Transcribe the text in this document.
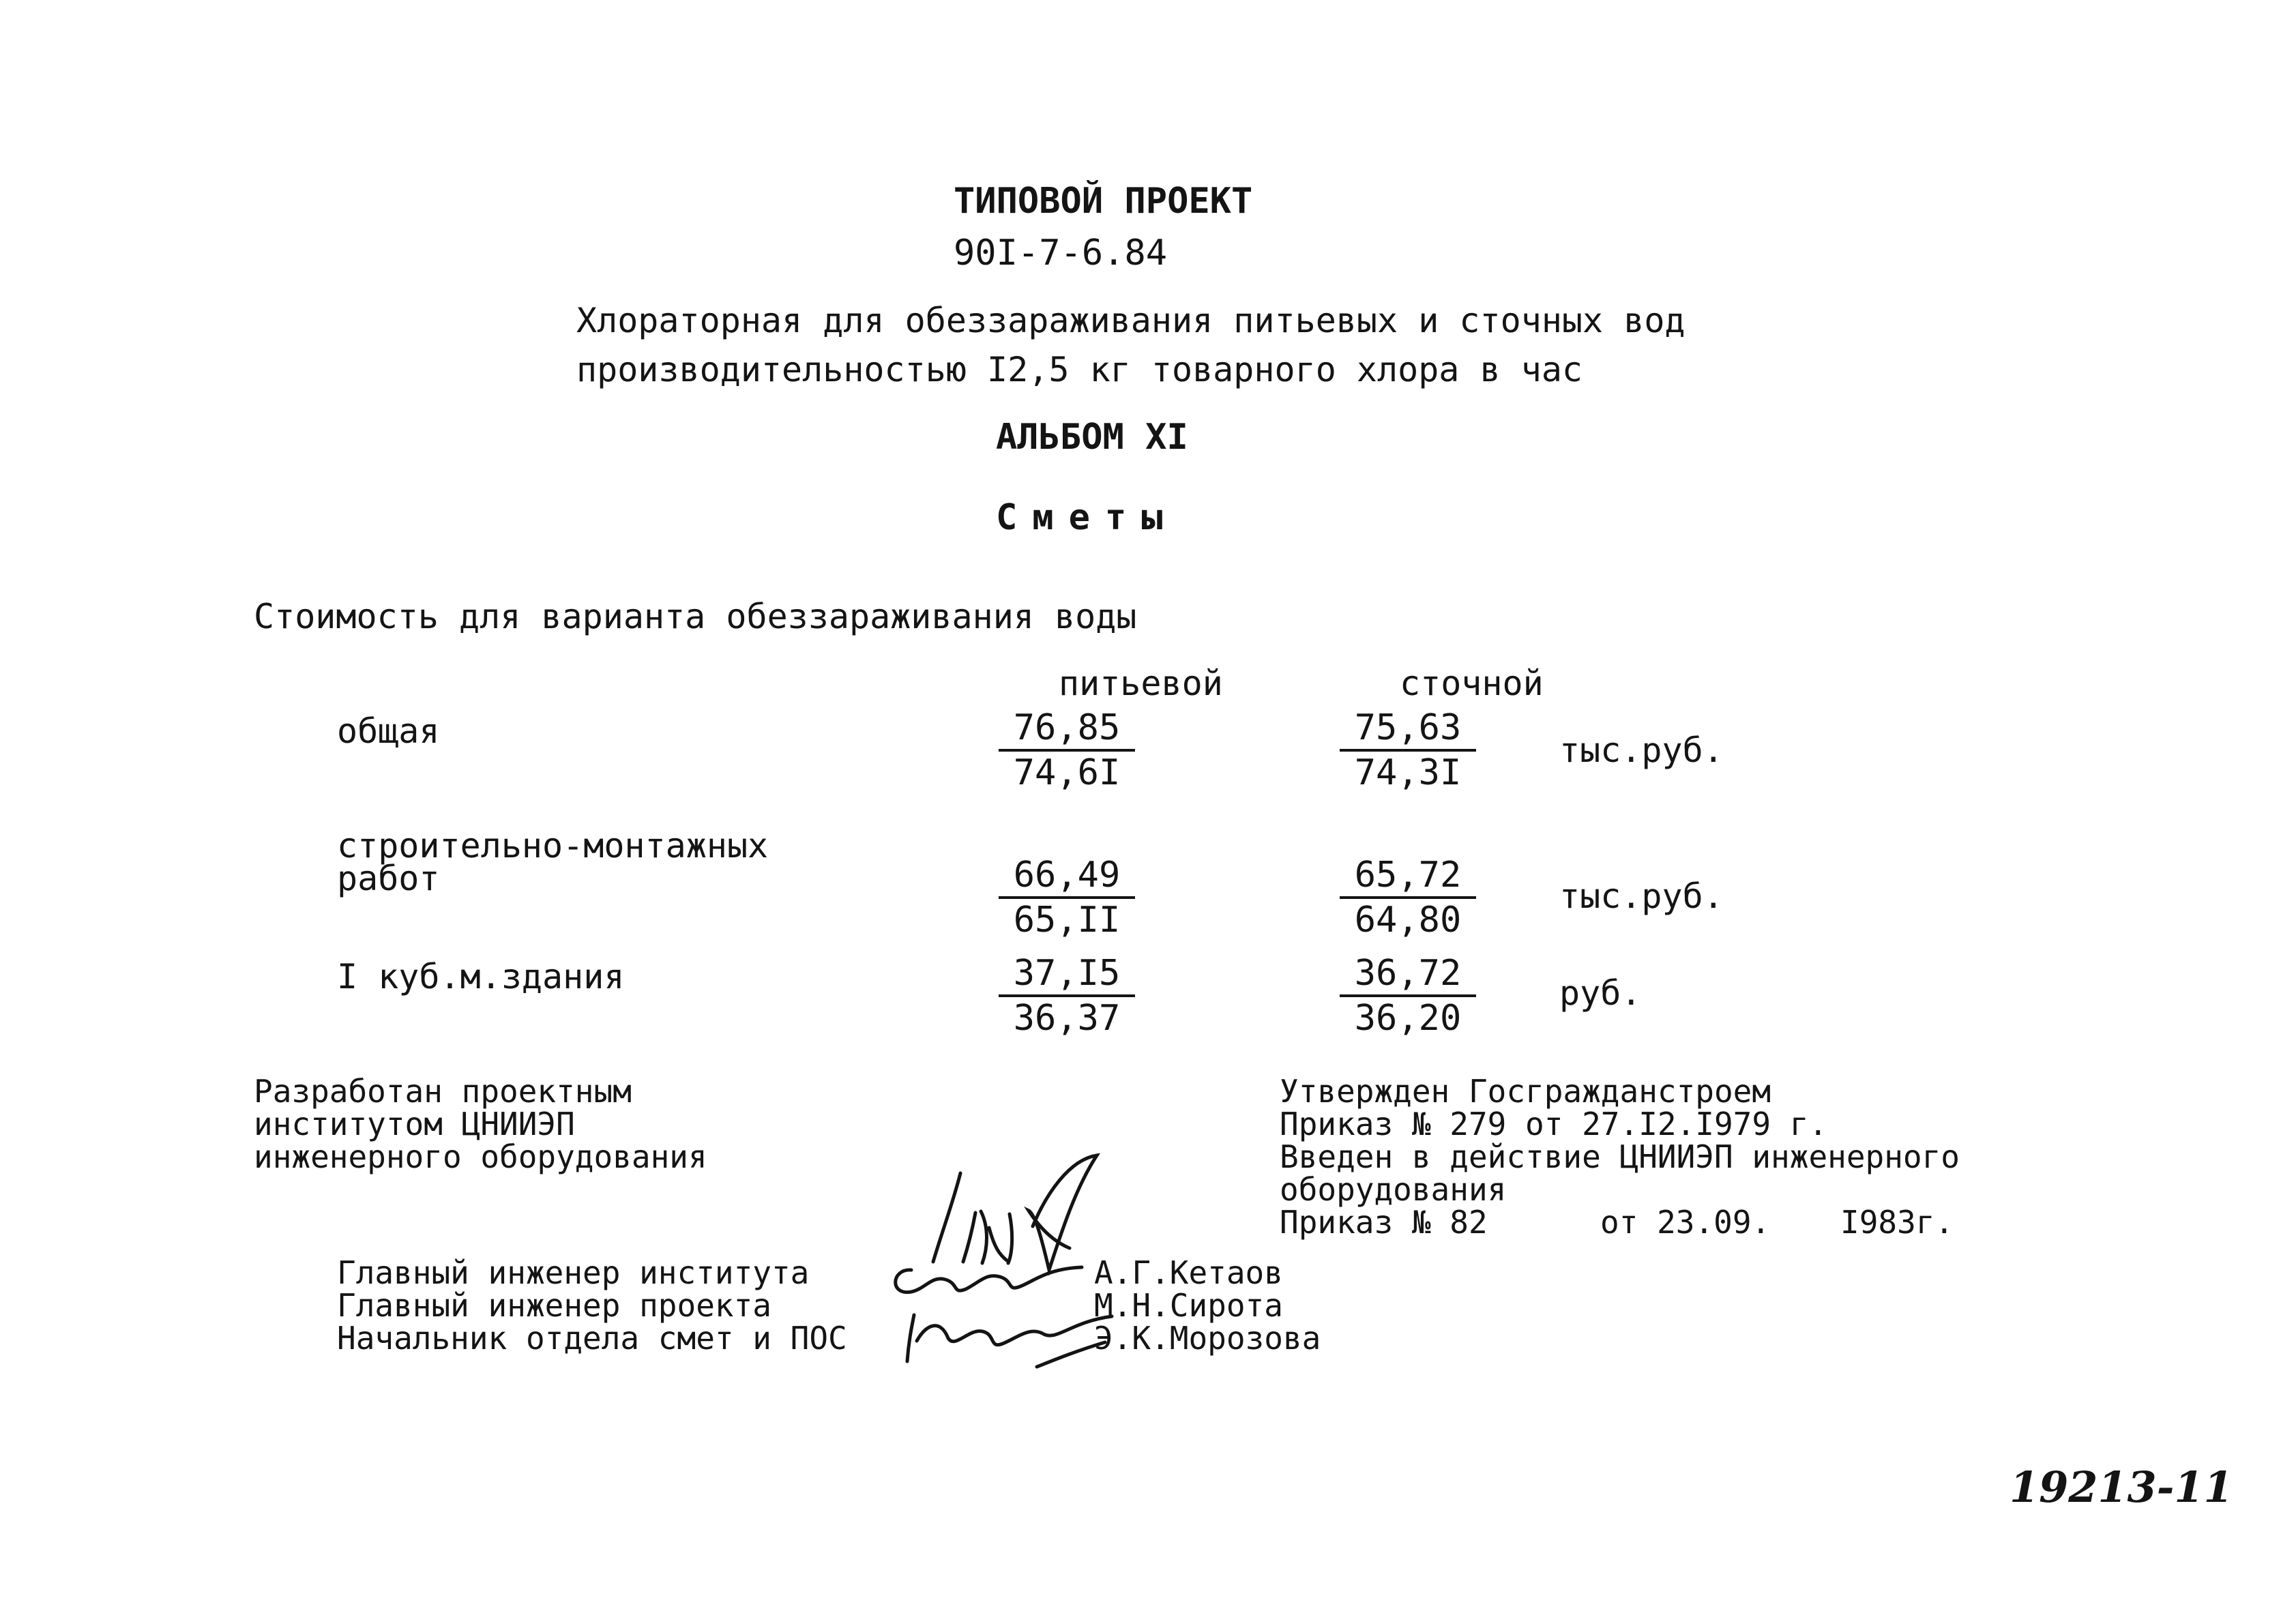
ТИПОВОЙ ПРОЕКТ
90I-7-6.84
Хлораторная для обеззараживания питьевых и сточных вод
производительностью I2,5 кг товарного хлора в час
АЛЬБОМ XI
Сметы
Стоимость для варианта обеззараживания воды
питьевой	сточной
общая	$\frac{76,85}{74,6I}$	$\frac{75,63}{74,3I} тыс.руб$.
строительно-монтажных
работ	$\frac{66,49}{65,II}$	$\frac{65,72}{64,80} тыс.руб$.
I куб.м.здания	$\frac{37,I5}{36,37}$	$\frac{36,72}{36,20}$ руб.
Разработан проектным
институтом ЦНИИЭП
инженерного оборудования
Утвержден Госгражданстроем
Приказ № 279 от 27.I2.I979 г.
Введен в действие ЦНИИЭП инженерного
оборудования
Приказ № 82	от 23.09. I983г.
Главный инженер института	А.Г.Кетаов
Главный инженер проекта	М.Н.Сирота
Начальник отдела смет и ПОС	Э.К.Морозова
19213-11
